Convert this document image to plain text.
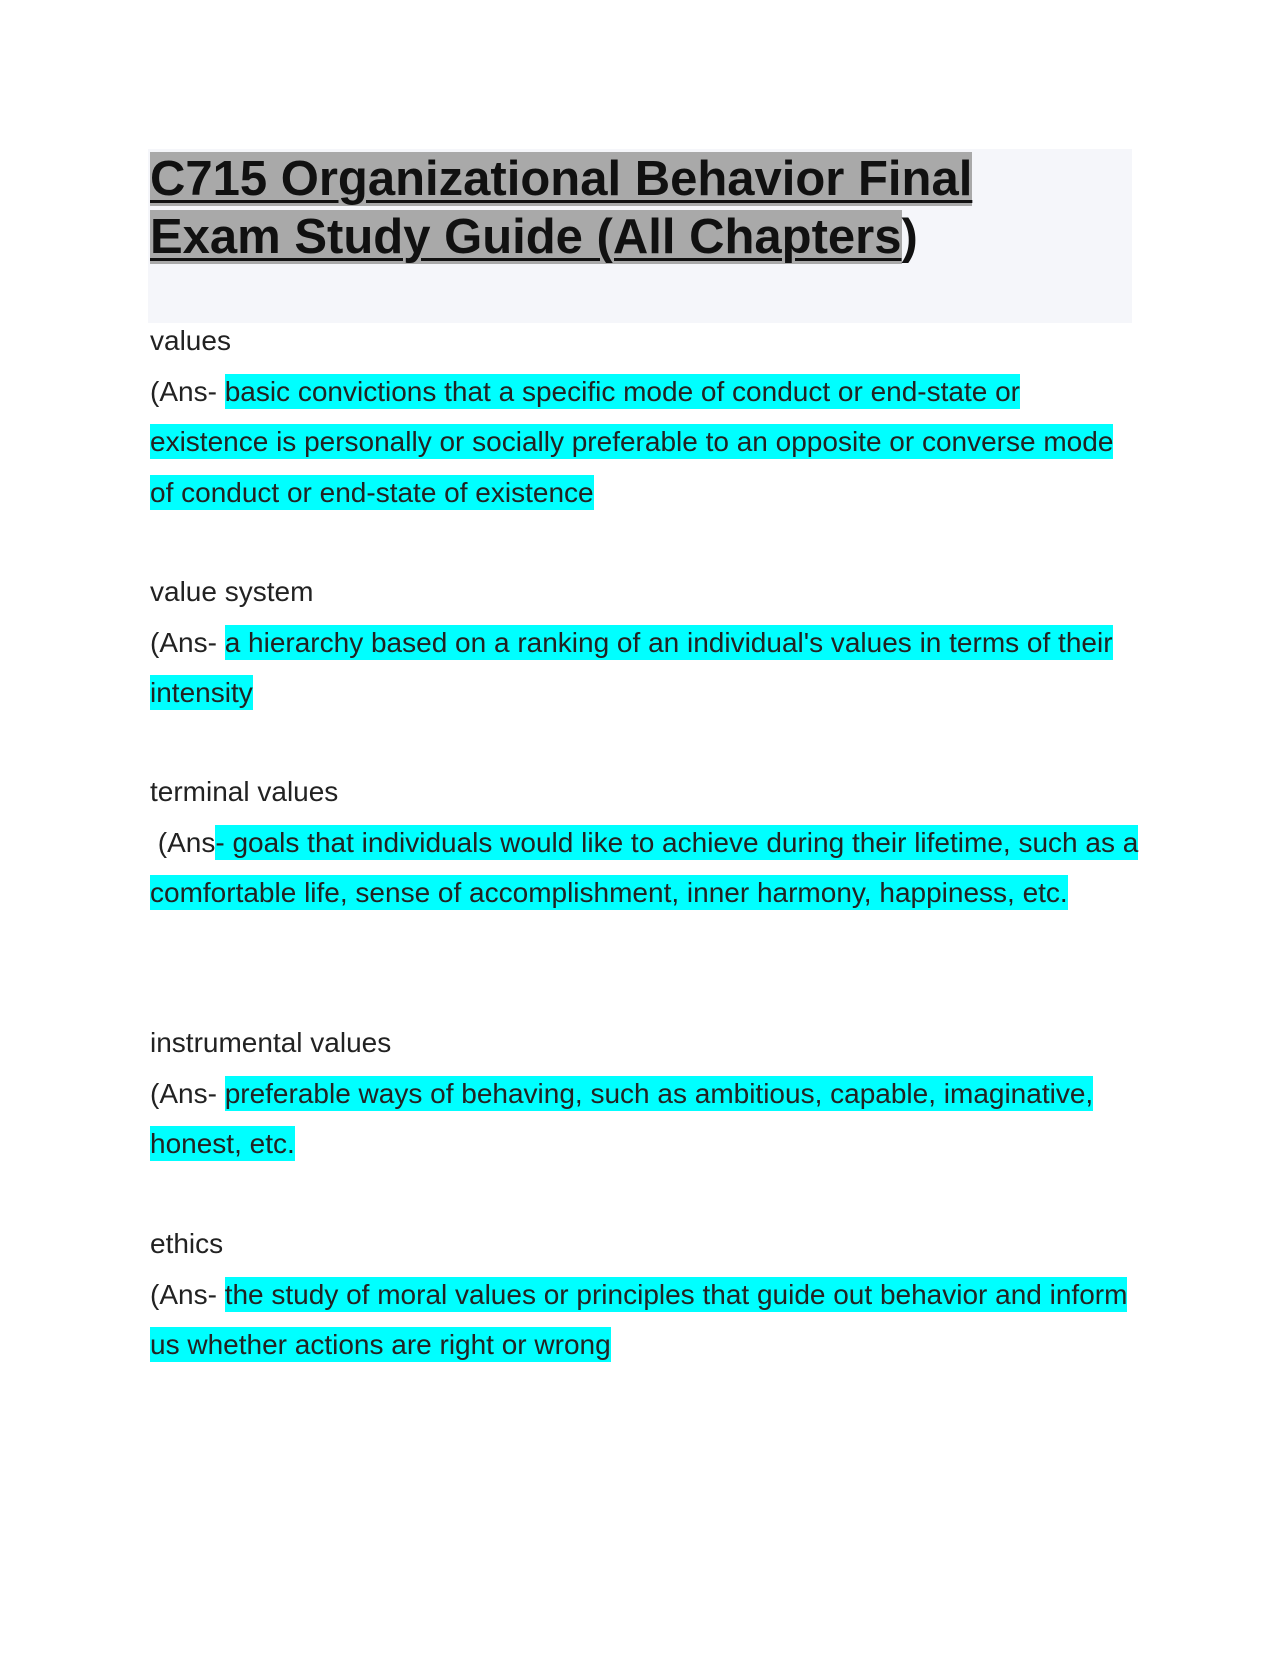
C715 Organizational Behavior Final Exam Study Guide (All Chapters)
values
(Ans- basic convictions that a specific mode of conduct or end-state or existence is personally or socially preferable to an opposite or converse mode of conduct or end-state of existence
value system
(Ans- a hierarchy based on a ranking of an individual's values in terms of their intensity
terminal values
(Ans- goals that individuals would like to achieve during their lifetime, such as a comfortable life, sense of accomplishment, inner harmony, happiness, etc.
instrumental values
(Ans- preferable ways of behaving, such as ambitious, capable, imaginative, honest, etc.
ethics
(Ans- the study of moral values or principles that guide out behavior and inform us whether actions are right or wrong
